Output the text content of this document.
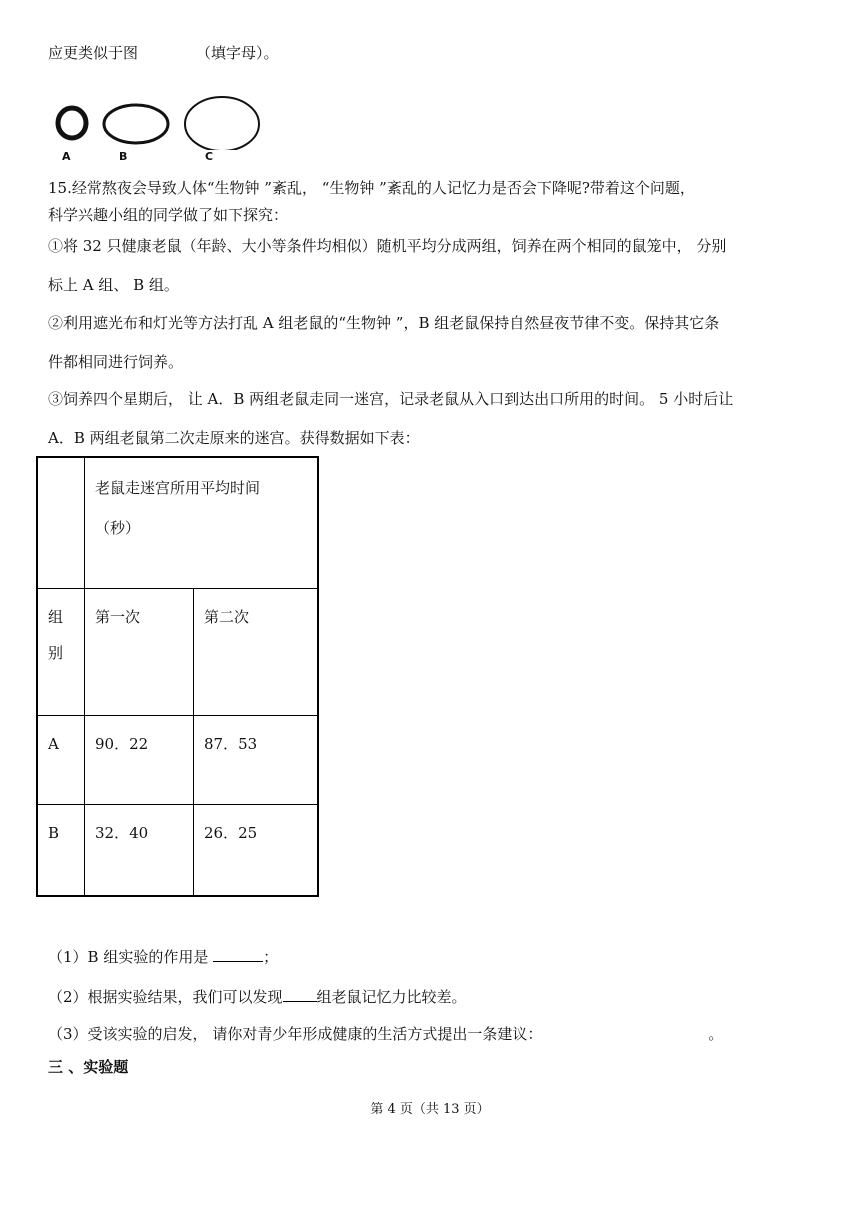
应更类似于图	（填字母）。
A	B	C
15.经常熬夜会导致人体“生物钟 ”紊乱， “生物钟 ”紊乱的人记忆力是否会下降呢?带着这个问题，
科学兴趣小组的同学做了如下探究：
①将 32 只健康老鼠（年龄、大小等条件均相似）随机平均分成两组，饲养在两个相同的鼠笼中， 分别
标上 A 组、 B 组。
②利用遮光布和灯光等方法打乱 A 组老鼠的“生物钟 ”，B 组老鼠保持自然昼夜节律不变。保持其它条
件都相同进行饲养。
③饲养四个星期后， 让 A．B 两组老鼠走同一迷宫，记录老鼠从入口到达出口所用的时间。 5 小时后让
A．B 两组老鼠第二次走原来的迷宫。获得数据如下表：

	老鼠走迷宫所用平均时间
（秒）	

组
别	第一次	第二次

A	90．22	87．53

B	32．40	26．25
（1）B 组实验的作用是	；
（2）根据实验结果，我们可以发现 组老鼠记忆力比较差。
（3）受该实验的启发， 请你对青少年形成健康的生活方式提出一条建议：	。
三 、实验题
第 4 页（共 13 页）
